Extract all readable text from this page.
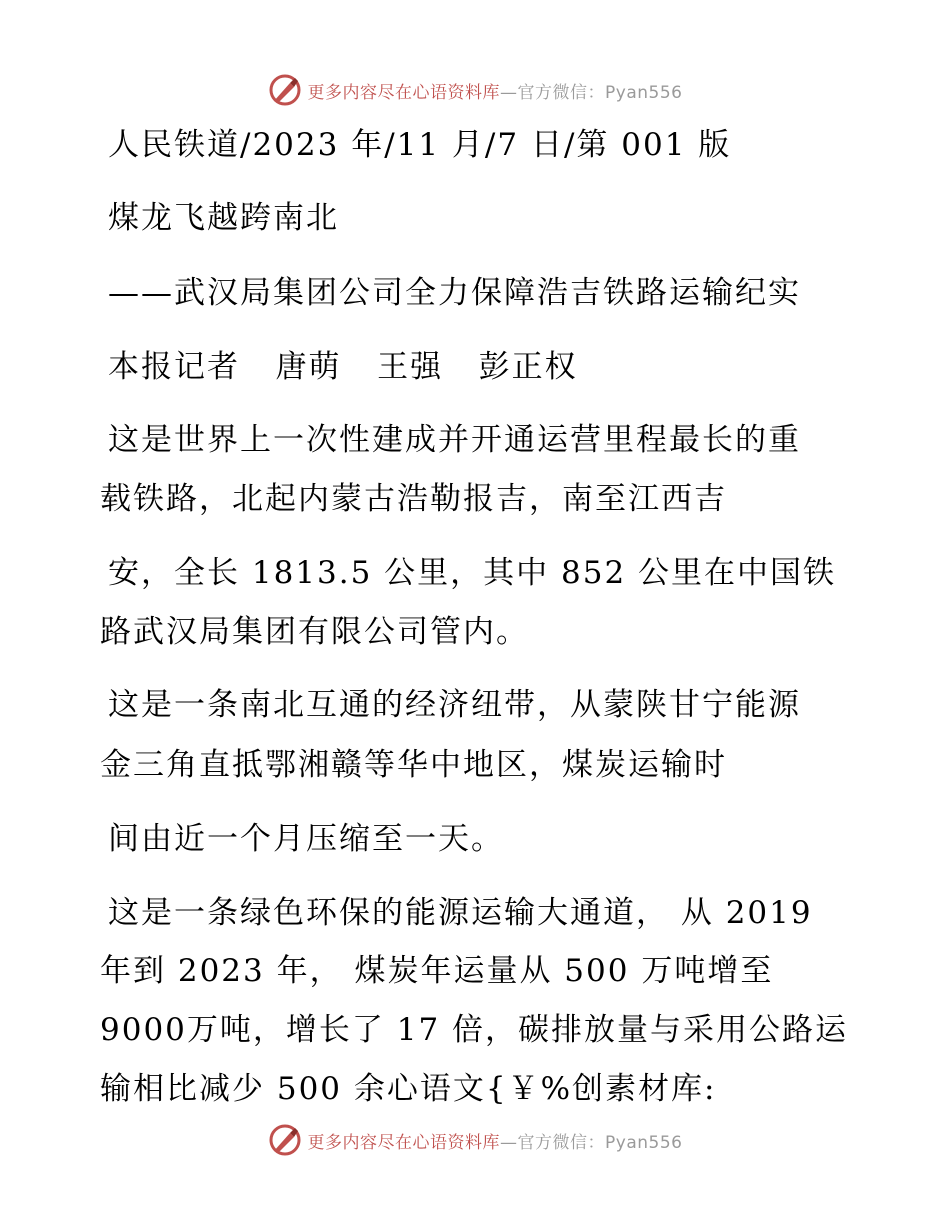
更多内容尽在心语资料库—官方微信：Pyan556
人民铁道/2023 年/11 月/7 日/第 001 版
煤龙飞越跨南北
——武汉局集团公司全力保障浩吉铁路运输纪实
本报记者   唐萌   王强   彭正权
这是世界上一次性建成并开通运营里程最长的重
载铁路，北起内蒙古浩勒报吉，南至江西吉
安，全长 1813.5 公里，其中 852 公里在中国铁
路武汉局集团有限公司管内。
这是一条南北互通的经济纽带，从蒙陕甘宁能源
金三角直抵鄂湘赣等华中地区，煤炭运输时
间由近一个月压缩至一天。
这是一条绿色环保的能源运输大通道， 从 2019
年到 2023 年， 煤炭年运量从 500 万吨增至
9000万吨，增长了 17 倍，碳排放量与采用公路运
输相比减少 500 余心语文{￥%创素材库:
更多内容尽在心语资料库—官方微信：Pyan556
